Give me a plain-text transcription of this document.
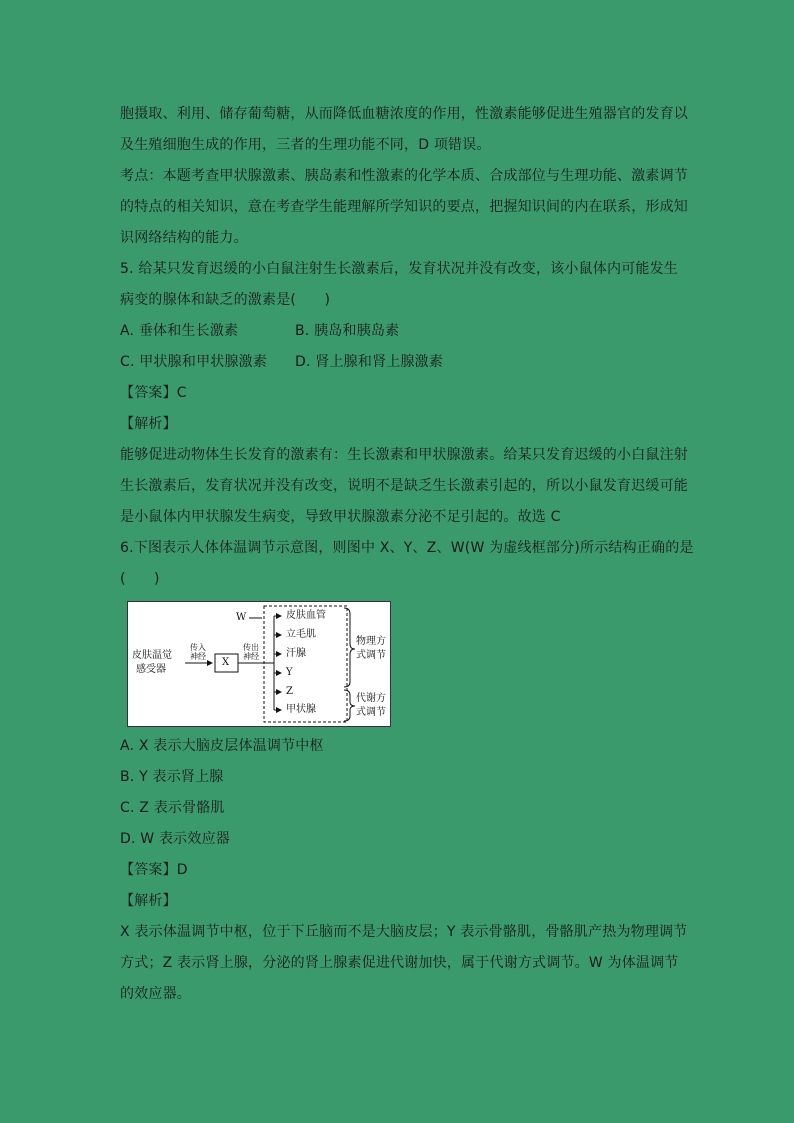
胞摄取、利用、储存葡萄糖，从而降低血糖浓度的作用，性激素能够促进生殖器官的发育以
及生殖细胞生成的作用，三者的生理功能不同，D 项错误。
考点：本题考查甲状腺激素、胰岛素和性激素的化学本质、合成部位与生理功能、激素调节
的特点的相关知识，意在考查学生能理解所学知识的要点，把握知识间的内在联系，形成知
识网络结构的能力。
5. 给某只发育迟缓的小白鼠注射生长激素后，发育状况并没有改变，该小鼠体内可能发生
病变的腺体和缺乏的激素是(　　)
A. 垂体和生长激素	B. 胰岛和胰岛素
C. 甲状腺和甲状腺激素	D. 肾上腺和肾上腺激素
【答案】C
【解析】
能够促进动物体生长发育的激素有：生长激素和甲状腺激素。给某只发育迟缓的小白鼠注射
生长激素后，发育状况并没有改变，说明不是缺乏生长激素引起的，所以小鼠发育迟缓可能
是小鼠体内甲状腺发生病变，导致甲状腺激素分泌不足引起的。故选 C
6.下图表示人体体温调节示意图，则图中 X、Y、Z、W(W 为虚线框部分)所示结构正确的是
(　　)
皮肤温觉
感受器
传入
神经
X
传出
神经
W	皮肤血管
立毛肌
汗腺
Y
Z
甲状腺
物理方
式调节
代谢方
式调节
A. X 表示大脑皮层体温调节中枢
B. Y 表示肾上腺
C. Z 表示骨骼肌
D. W 表示效应器
【答案】D
【解析】
X 表示体温调节中枢，位于下丘脑而不是大脑皮层；Y 表示骨骼肌，骨骼肌产热为物理调节
方式；Z 表示肾上腺，分泌的肾上腺素促进代谢加快，属于代谢方式调节。W 为体温调节
的效应器。
